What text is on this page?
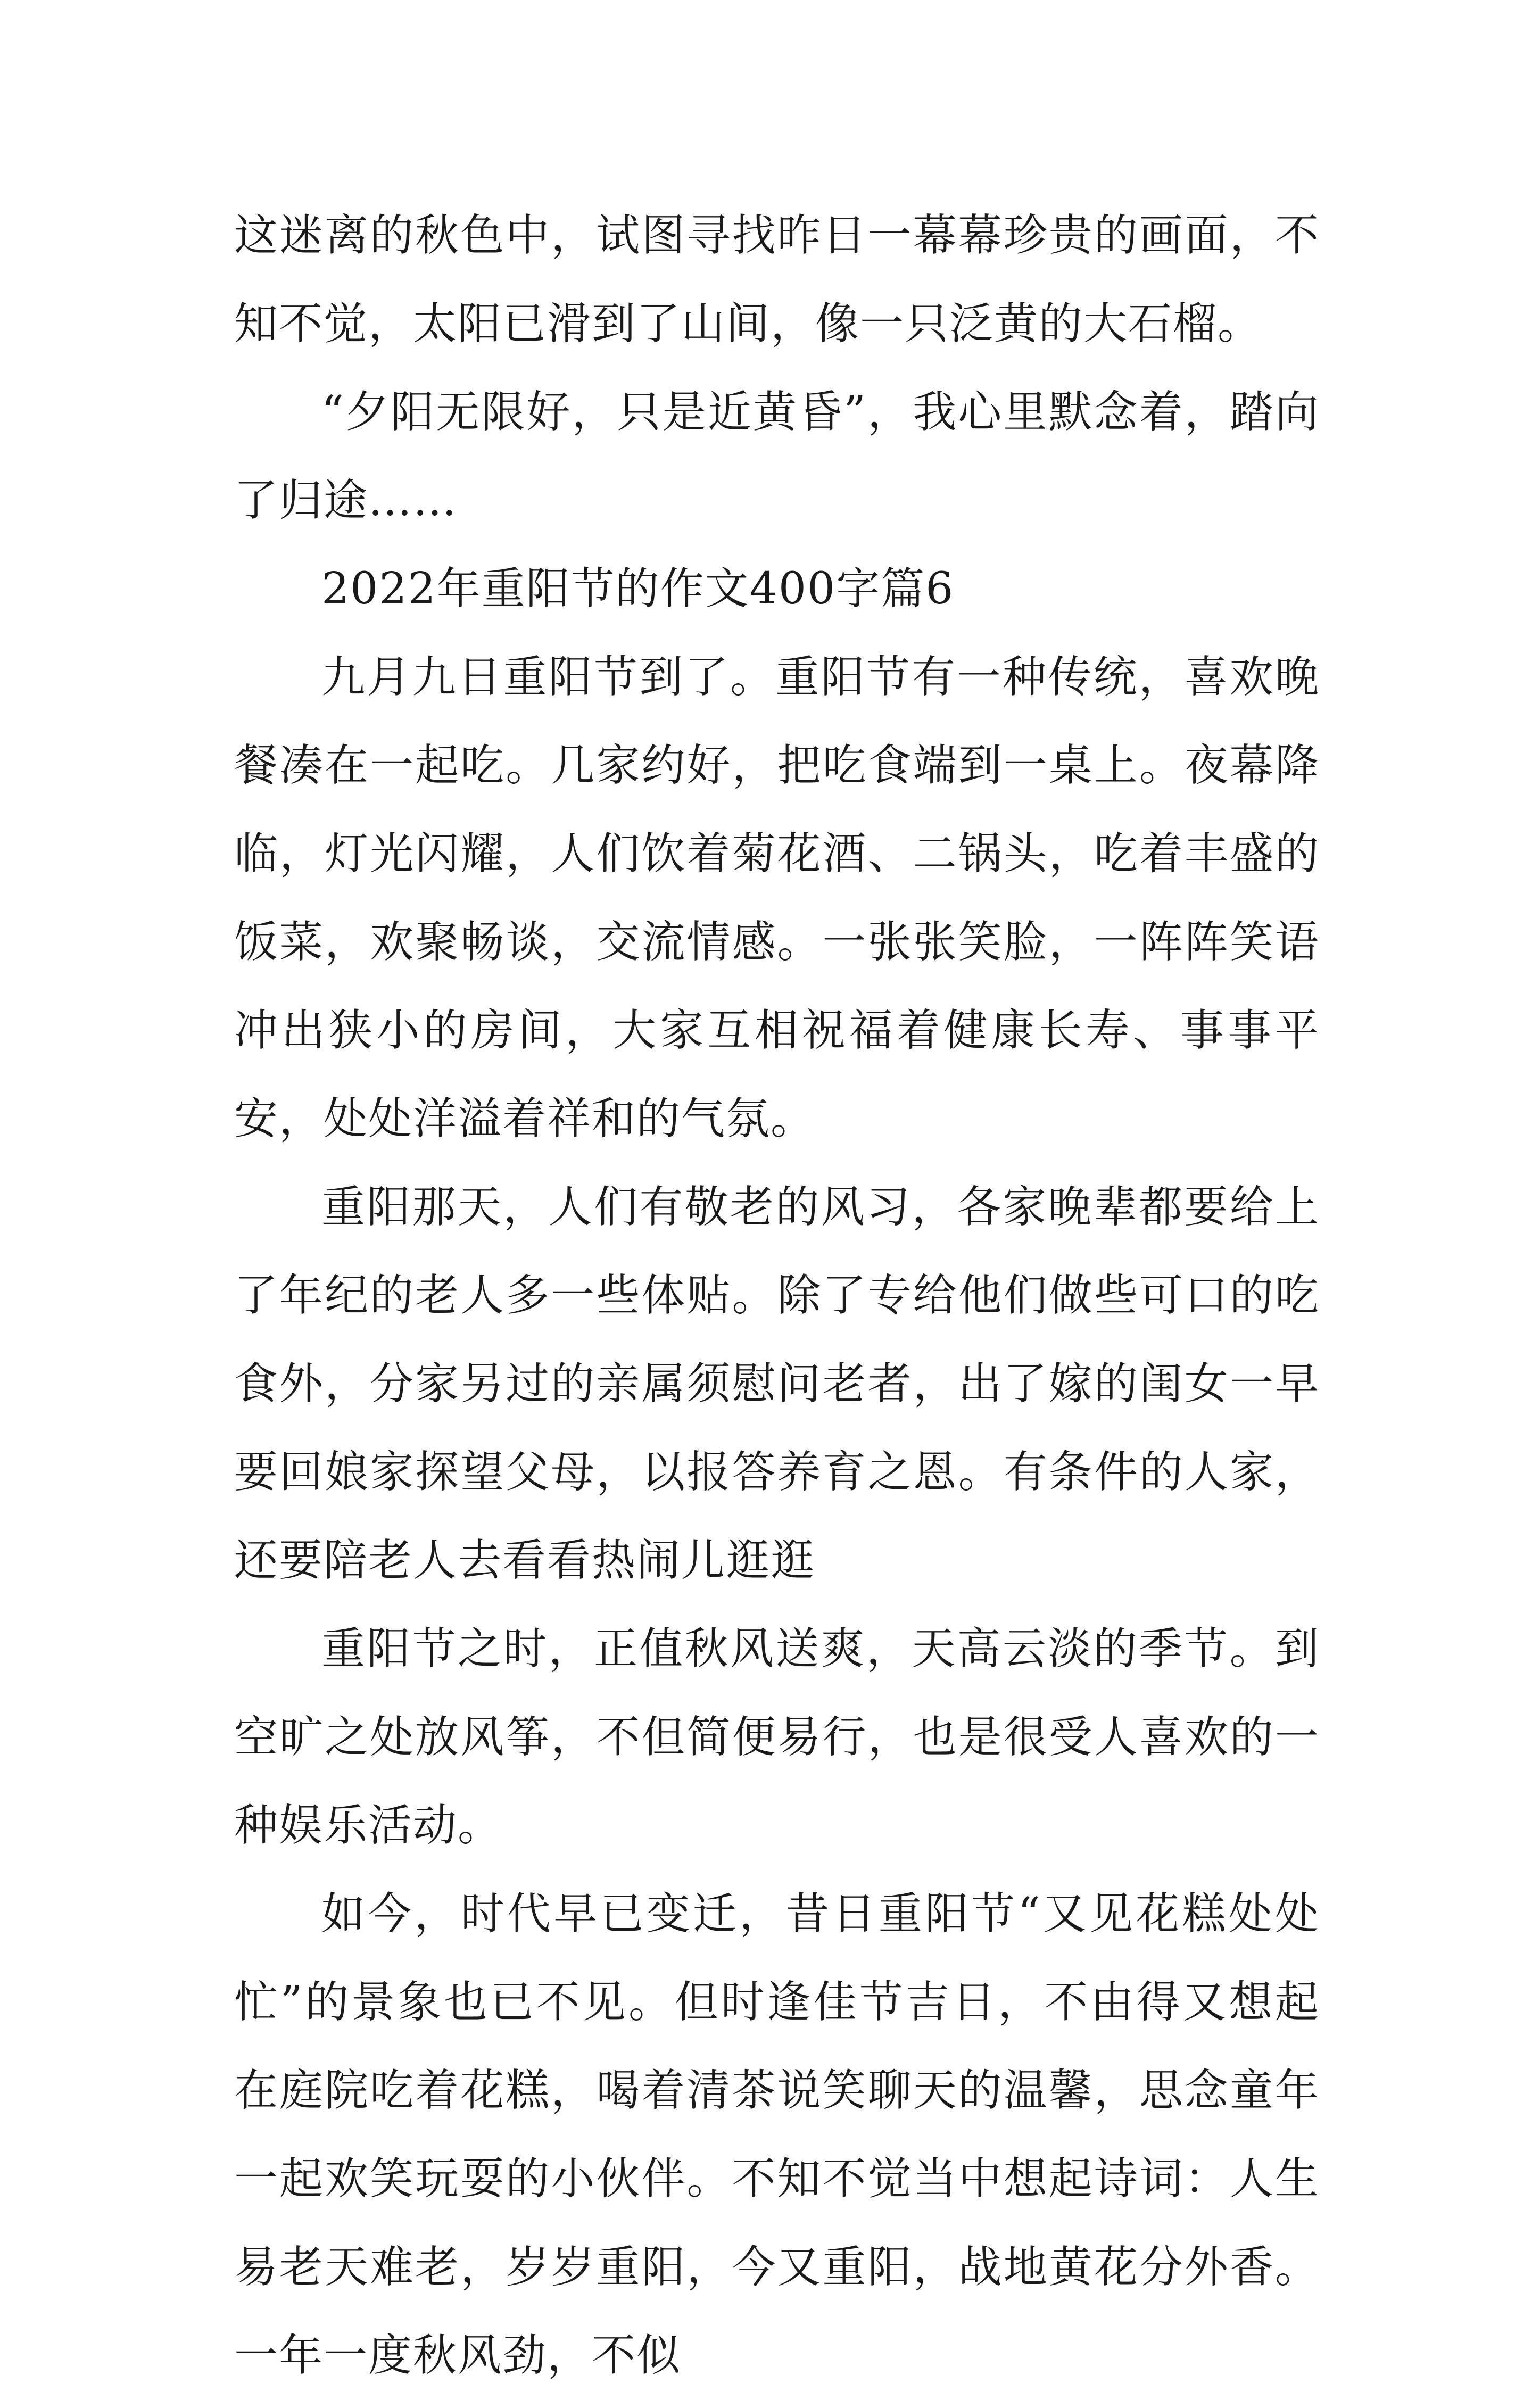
这迷离的秋色中，试图寻找昨日一幕幕珍贵的画面，不知不觉，太阳已滑到了山间，像一只泛黄的大石榴。

“夕阳无限好，只是近黄昏”，我心里默念着，踏向了归途……

2022年重阳节的作文400字篇6

九月九日重阳节到了。重阳节有一种传统，喜欢晚餐凑在一起吃。几家约好，把吃食端到一桌上。夜幕降临，灯光闪耀，人们饮着菊花酒、二锅头，吃着丰盛的饭菜，欢聚畅谈，交流情感。一张张笑脸，一阵阵笑语冲出狭小的房间，大家互相祝福着健康长寿、事事平安，处处洋溢着祥和的气氛。

重阳那天，人们有敬老的风习，各家晚辈都要给上了年纪的老人多一些体贴。除了专给他们做些可口的吃食外，分家另过的亲属须慰问老者，出了嫁的闺女一早要回娘家探望父母，以报答养育之恩。有条件的人家，还要陪老人去看看热闹儿逛逛

重阳节之时，正值秋风送爽，天高云淡的季节。到空旷之处放风筝，不但简便易行，也是很受人喜欢的一种娱乐活动。

如今，时代早已变迁，昔日重阳节“又见花糕处处忙”的景象也已不见。但时逢佳节吉日，不由得又想起在庭院吃着花糕，喝着清茶说笑聊天的温馨，思念童年一起欢笑玩耍的小伙伴。不知不觉当中想起诗词：人生易老天难老，岁岁重阳，今又重阳，战地黄花分外香。一年一度秋风劲，不似
